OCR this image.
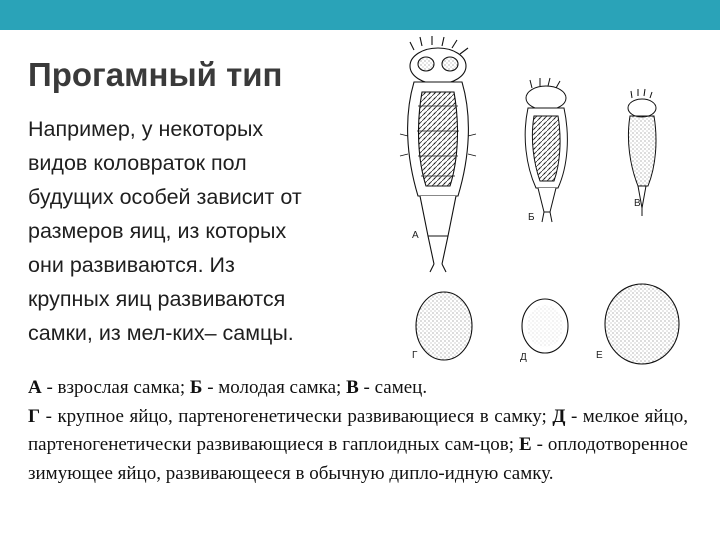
Прогамный тип
Например, у некоторых
видов коловраток пол
будущих особей зависит от
размеров яиц, из которых
они развиваются. Из
крупных яиц развиваются
самки, из мел-ких– самцы.
А
Б
В
Г	Д	Е

А - взрослая самка; Б - молодая самка; В - самец.

Г - крупное яйцо, партеногенетически развивающиеся в самку; Д - мелкое яйцо, партеногенетически развивающиеся в гаплоидных сам-цов; Е - оплодотворенное зимующее яйцо, развивающееся в обычную дипло-идную самку.
